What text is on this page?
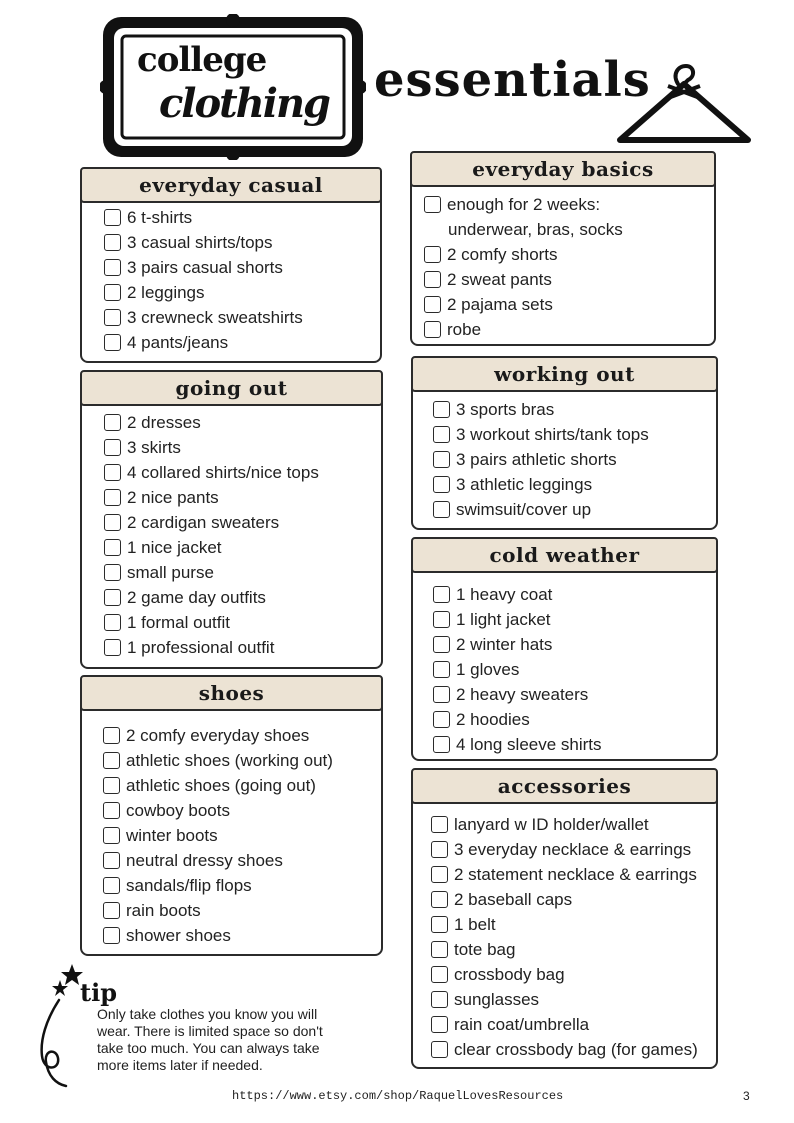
college
clothing essentials
everyday casual
6 t-shirts
3 casual shirts/tops
3 pairs casual shorts
2 leggings
3 crewneck sweatshirts
4 pants/jeans
going out
2 dresses
3 skirts
4 collared shirts/nice tops
2 nice pants
2 cardigan sweaters
1 nice jacket
small purse
2 game day outfits
1 formal outfit
1 professional outfit
shoes
2 comfy everyday shoes
athletic shoes (working out)
athletic shoes (going out)
cowboy boots
winter boots
neutral dressy shoes
sandals/flip flops
rain boots
shower shoes
everyday basics
enough for 2 weeks:
underwear, bras, socks
2 comfy shorts
2 sweat pants
2 pajama sets
robe
working out
3 sports bras
3 workout shirts/tank tops
3 pairs athletic shorts
3 athletic leggings
swimsuit/cover up
cold weather
1 heavy coat
1 light jacket
2 winter hats
1 gloves
2 heavy sweaters
2 hoodies
4 long sleeve shirts
accessories
lanyard w ID holder/wallet
3 everyday necklace & earrings
2 statement necklace & earrings
2 baseball caps
1 belt
tote bag
crossbody bag
sunglasses
rain coat/umbrella
clear crossbody bag (for games)
tip
Only take clothes you know you will
wear. There is limited space so don't
take too much. You can always take
more items later if needed.
https://www.etsy.com/shop/RaquelLovesResources	3
